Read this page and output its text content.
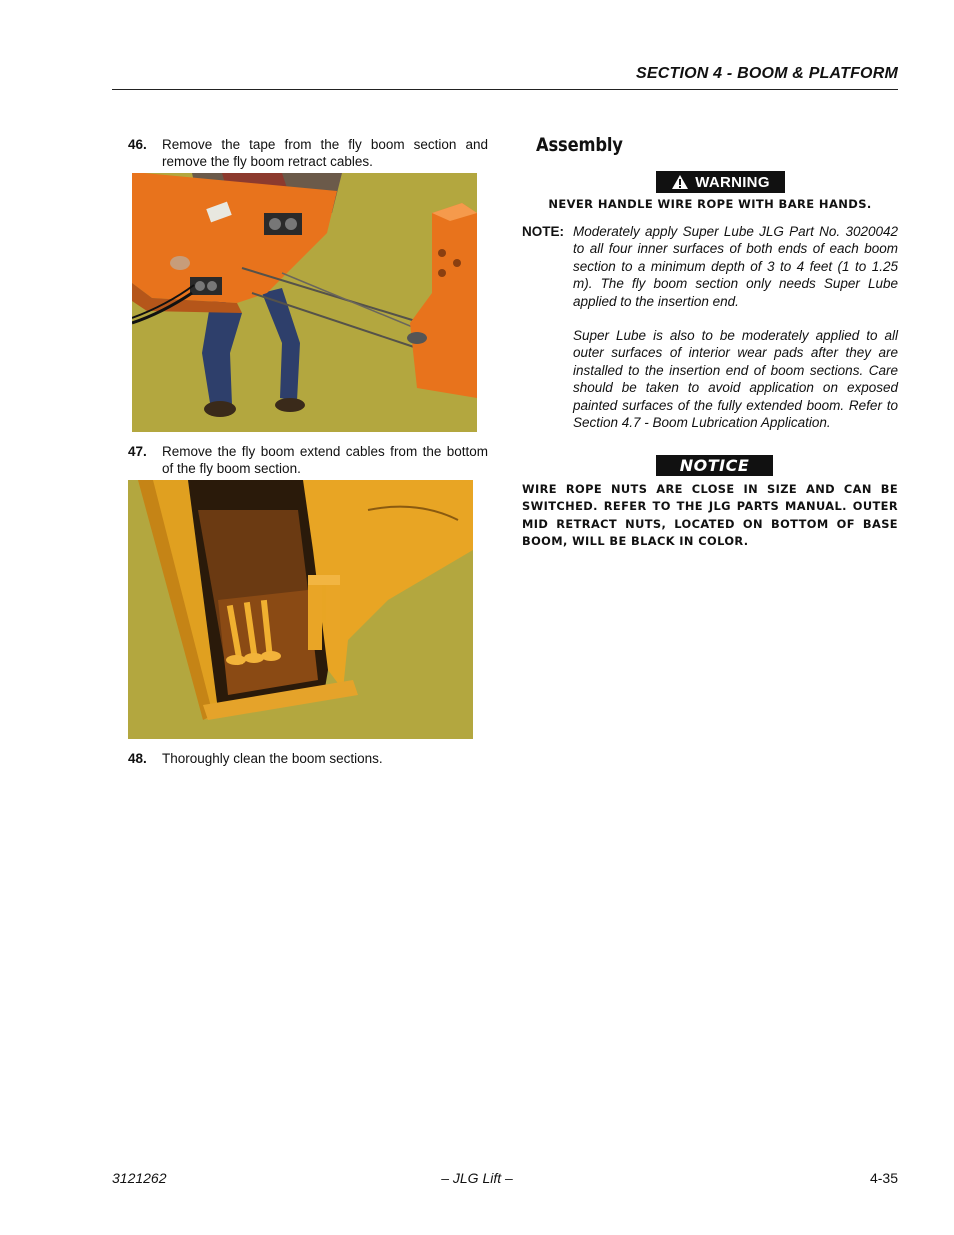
SECTION 4 - BOOM & PLATFORM
46. Remove the tape from the fly boom section and remove the fly boom retract cables.
47. Remove the fly boom extend cables from the bottom of the fly boom section.
48. Thoroughly clean the boom sections.
Assembly
WARNING
NEVER HANDLE WIRE ROPE WITH BARE HANDS.
NOTE: Moderately apply Super Lube JLG Part No. 3020042 to all four inner surfaces of both ends of each boom section to a minimum depth of 3 to 4 feet (1 to 1.25 m). The fly boom section only needs Super Lube applied to the insertion end.

Super Lube is also to be moderately applied to all outer surfaces of interior wear pads after they are installed to the insertion end of boom sections. Care should be taken to avoid application on exposed painted surfaces of the fully extended boom. Refer to Section 4.7 - Boom Lubrication Application.

NOTICE
WIRE ROPE NUTS ARE CLOSE IN SIZE AND CAN BE SWITCHED. REFER TO THE JLG PARTS MANUAL. OUTER MID RETRACT NUTS, LOCATED ON BOTTOM OF BASE BOOM, WILL BE BLACK IN COLOR.
3121262	– JLG Lift –	4-35
